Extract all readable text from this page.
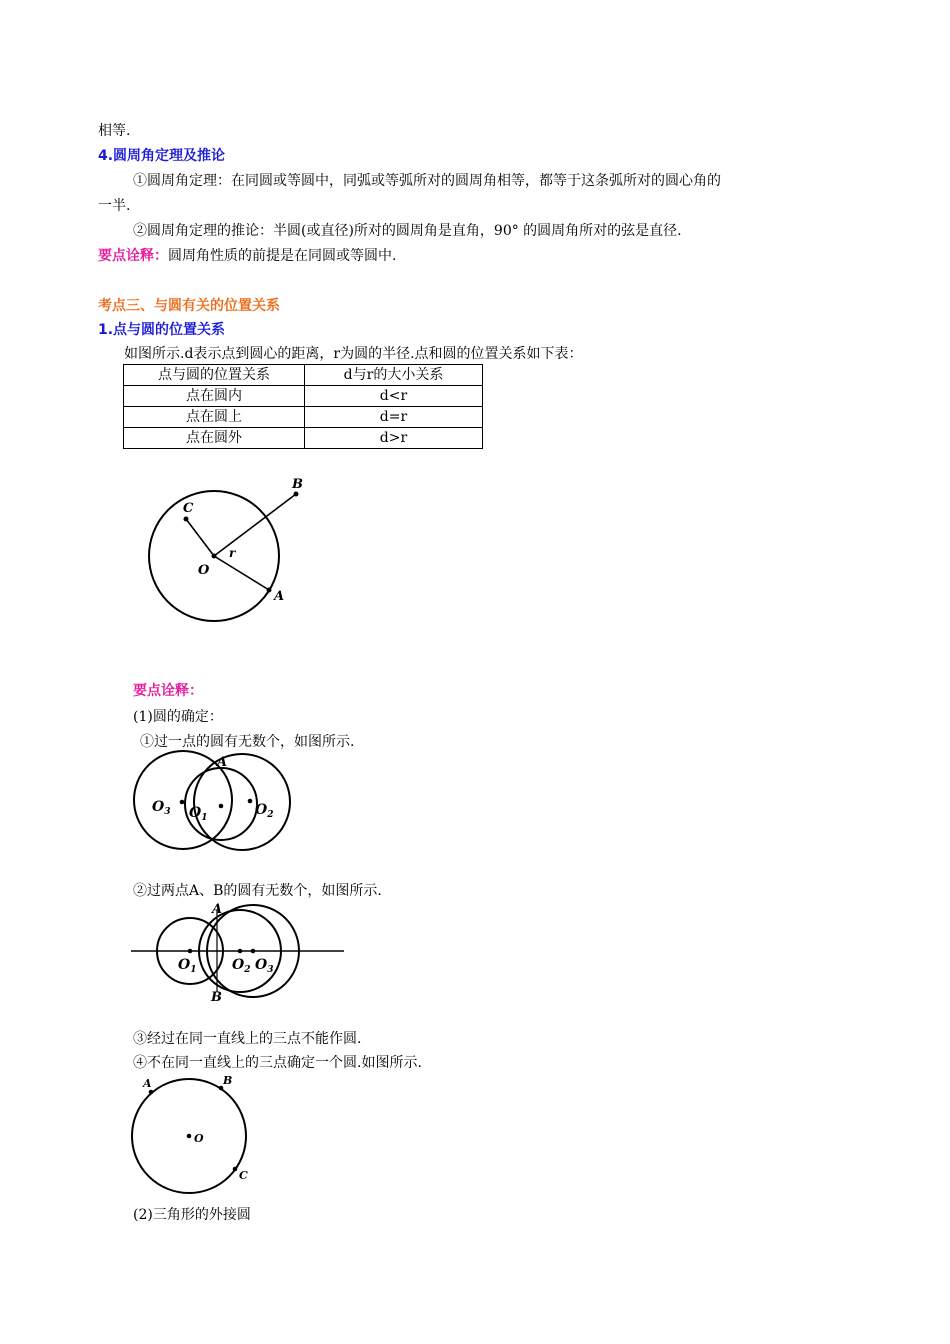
相等.
4.圆周角定理及推论
①圆周角定理：在同圆或等圆中，同弧或等弧所对的圆周角相等，都等于这条弧所对的圆心角的
一半.
②圆周角定理的推论：半圆(或直径)所对的圆周角是直角，90° 的圆周角所对的弦是直径.
要点诠释：圆周角性质的前提是在同圆或等圆中.
考点三、与圆有关的位置关系
1.点与圆的位置关系
如图所示.d表示点到圆心的距离，r为圆的半径.点和圆的位置关系如下表：
点与圆的位置关系	d与r的大小关系
点在圆内	d<r
点在圆上	d=r
点在圆外	d>r
B
C
r
O
A
要点诠释：
(1)圆的确定：
①过一点的圆有无数个，如图所示.
A
$O_3$ $O_1$	$O_2$
②过两点A、B的圆有无数个，如图所示.
A
B
$O_1$	$O_2$ $O_3$
③经过在同一直线上的三点不能作圆.
④不在同一直线上的三点确定一个圆.如图所示.
A	B
O
C
(2)三角形的外接圆
